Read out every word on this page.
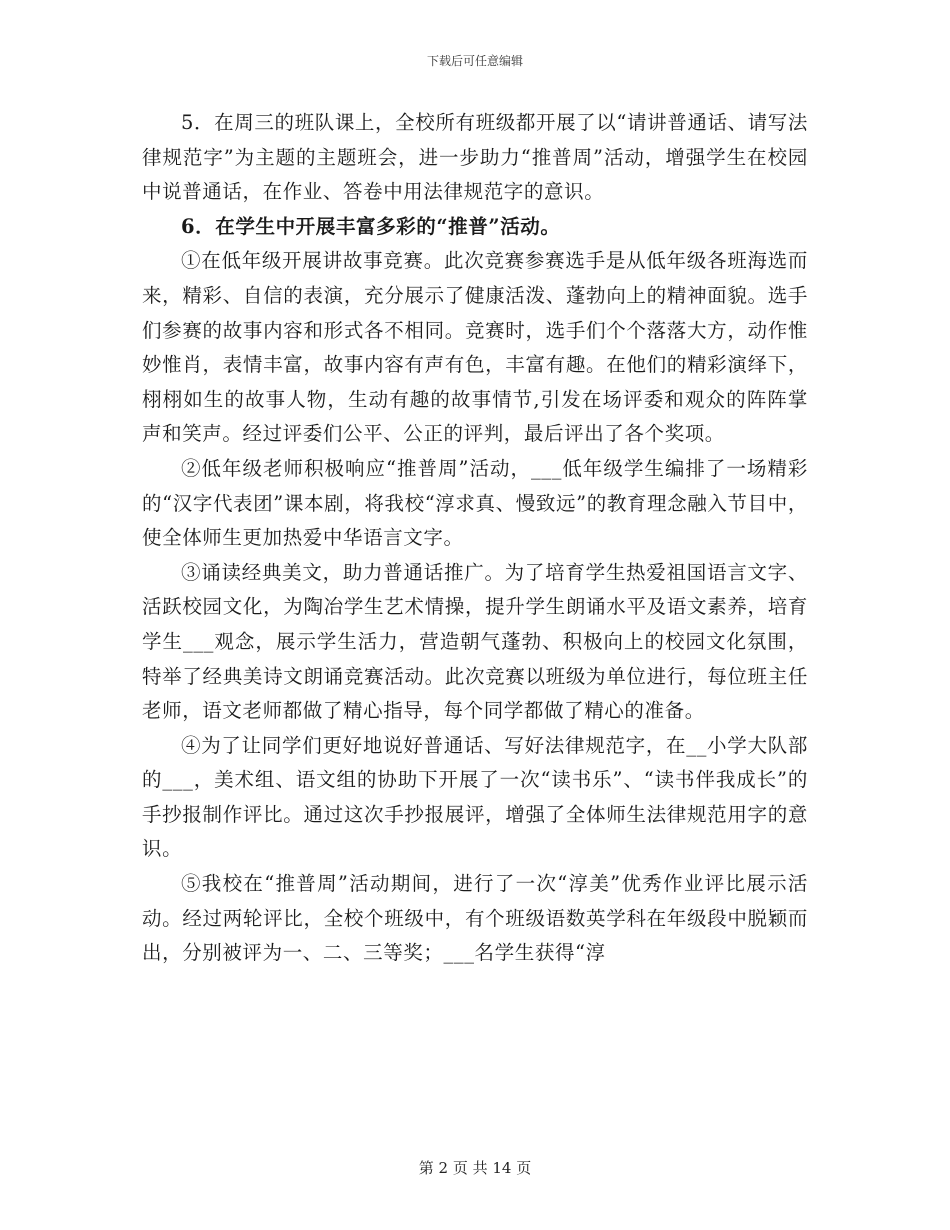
下载后可任意编辑

5．在周三的班队课上，全校所有班级都开展了以“请讲普通话、请写法律规范字”为主题的主题班会，进一步助力“推普周”活动，增强学生在校园中说普通话，在作业、答卷中用法律规范字的意识。

6．在学生中开展丰富多彩的“推普”活动。

①在低年级开展讲故事竞赛。此次竞赛参赛选手是从低年级各班海选而来，精彩、自信的表演，充分展示了健康活泼、蓬勃向上的精神面貌。选手们参赛的故事内容和形式各不相同。竞赛时，选手们个个落落大方，动作惟妙惟肖，表情丰富，故事内容有声有色，丰富有趣。在他们的精彩演绎下，栩栩如生的故事人物，生动有趣的故事情节,引发在场评委和观众的阵阵掌声和笑声。经过评委们公平、公正的评判，最后评出了各个奖项。

②低年级老师积极响应“推普周”活动，___低年级学生编排了一场精彩的“汉字代表团”课本剧，将我校“淳求真、慢致远”的教育理念融入节目中，使全体师生更加热爱中华语言文字。

③诵读经典美文，助力普通话推广。为了培育学生热爱祖国语言文字、活跃校园文化，为陶冶学生艺术情操，提升学生朗诵水平及语文素养，培育学生___观念，展示学生活力，营造朝气蓬勃、积极向上的校园文化氛围，特举了经典美诗文朗诵竞赛活动。此次竞赛以班级为单位进行，每位班主任老师，语文老师都做了精心指导，每个同学都做了精心的准备。

④为了让同学们更好地说好普通话、写好法律规范字，在__小学大队部的___，美术组、语文组的协助下开展了一次“读书乐”、“读书伴我成长”的手抄报制作评比。通过这次手抄报展评，增强了全体师生法律规范用字的意识。

⑤我校在“推普周”活动期间，进行了一次“淳美”优秀作业评比展示活动。经过两轮评比，全校个班级中，有个班级语数英学科在年级段中脱颖而出，分别被评为一、二、三等奖；___名学生获得“淳

第 2 页 共 14 页
